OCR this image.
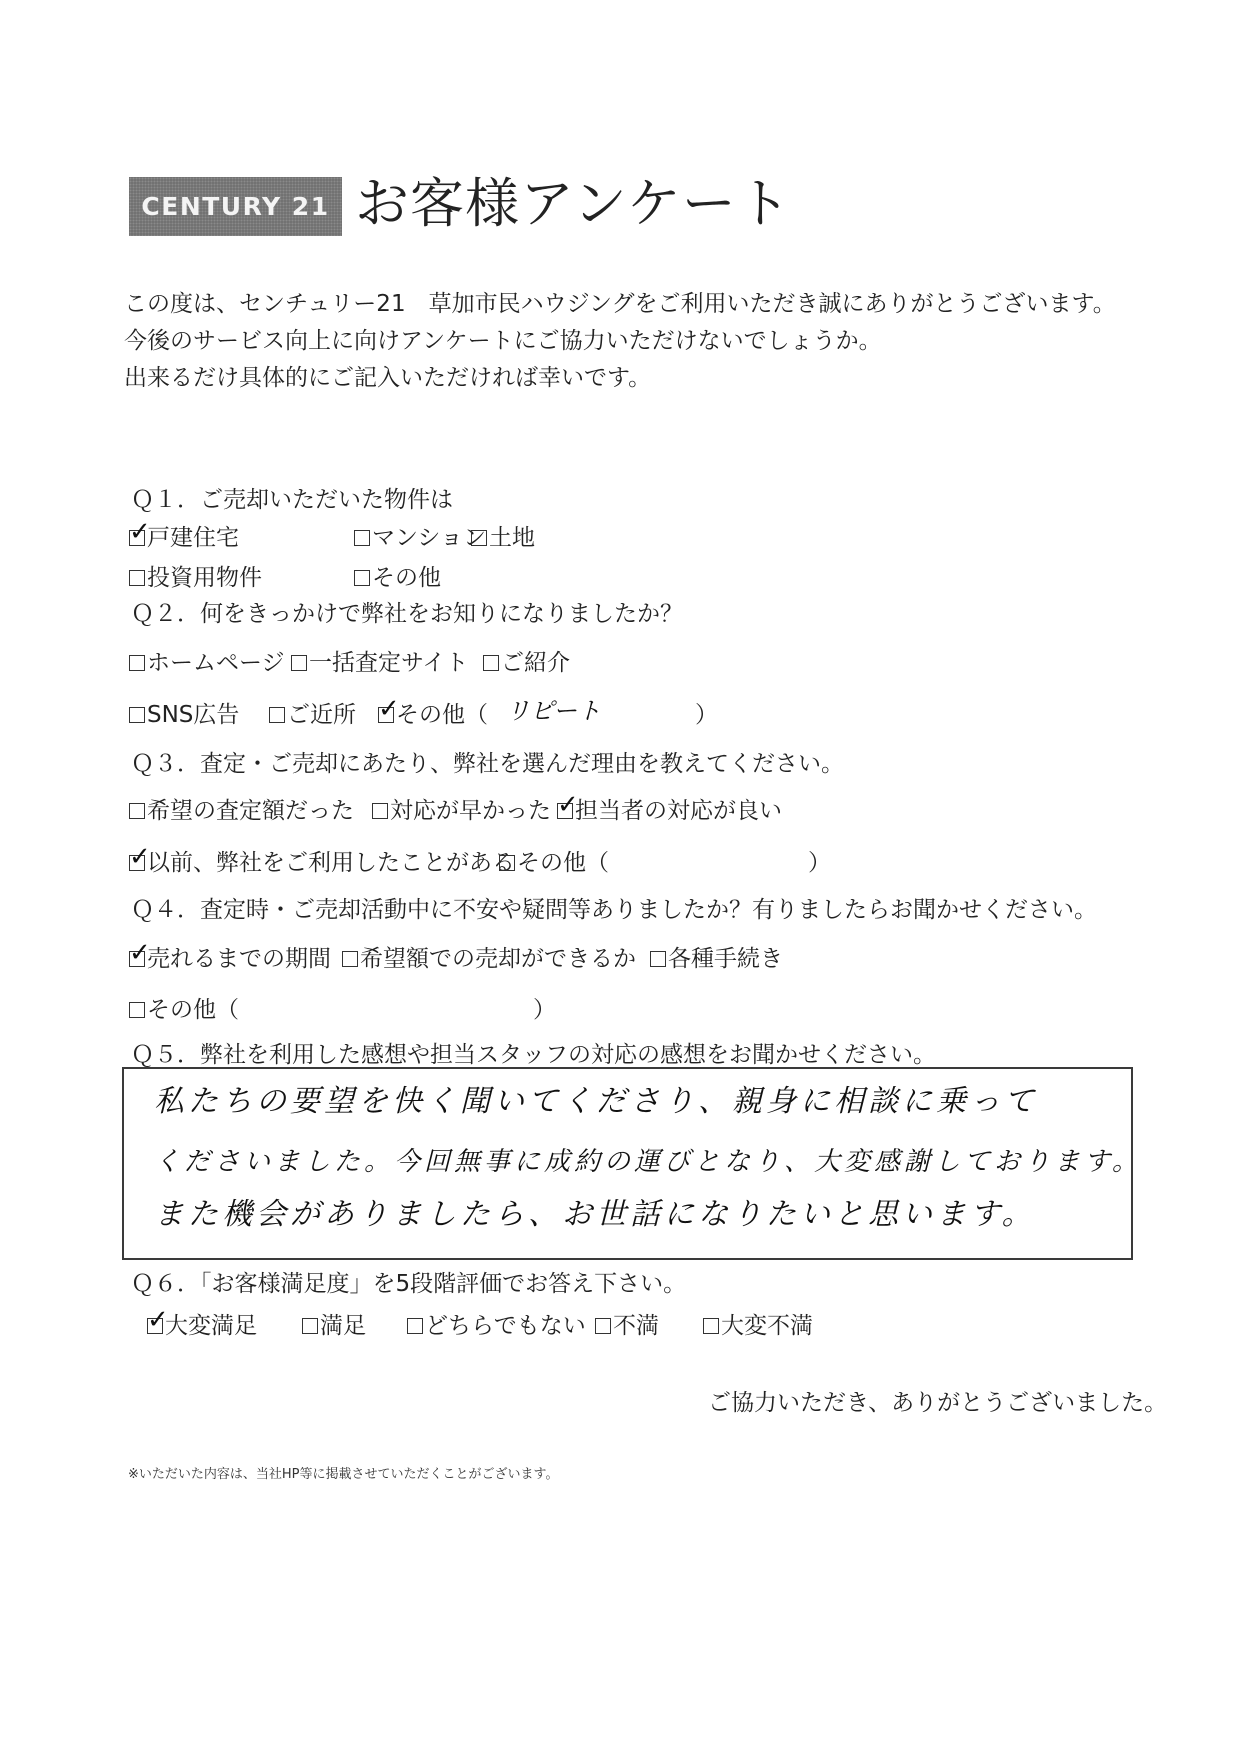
CENTURY 21 お客様アンケート
この度は、センチュリー21　草加市民ハウジングをご利用いただき誠にありがとうございます。
今後のサービス向上に向けアンケートにご協力いただけないでしょうか。
出来るだけ具体的にご記入いただければ幸いです。
Ｑ１．ご売却いただいた物件は
✓
戸建住宅	マンション 土地
投資用物件	その他
Ｑ２．何をきっかけで弊社をお知りになりましたか？
ホームページ	一括査定サイト	ご紹介
SNS広告	ご近所 ✓
その他（ リピート	）
Ｑ３．査定・ご売却にあたり、弊社を選んだ理由を教えてください。
希望の査定額だった	対応が早かった ✓
担当者の対応が良い
✓
以前、弊社をご利用したことがある その他（	）
Ｑ４．査定時・ご売却活動中に不安や疑問等ありましたか？有りましたらお聞かせください。
✓
売れるまでの期間	希望額での売却ができるか	各種手続き
その他（	）
Ｑ５．弊社を利用した感想や担当スタッフの対応の感想をお聞かせください。
私たちの要望を快く聞いてくださり、親身に相談に乗って
くださいました。今回無事に成約の運びとなり、大変感謝しております。
また機会がありましたら、お世話になりたいと思います。
Ｑ６．「お客様満足度」を5段階評価でお答え下さい。
✓
大変満足	満足	どちらでもない	不満	大変不満
ご協力いただき、ありがとうございました。
※いただいた内容は、当社HP等に掲載させていただくことがございます。
